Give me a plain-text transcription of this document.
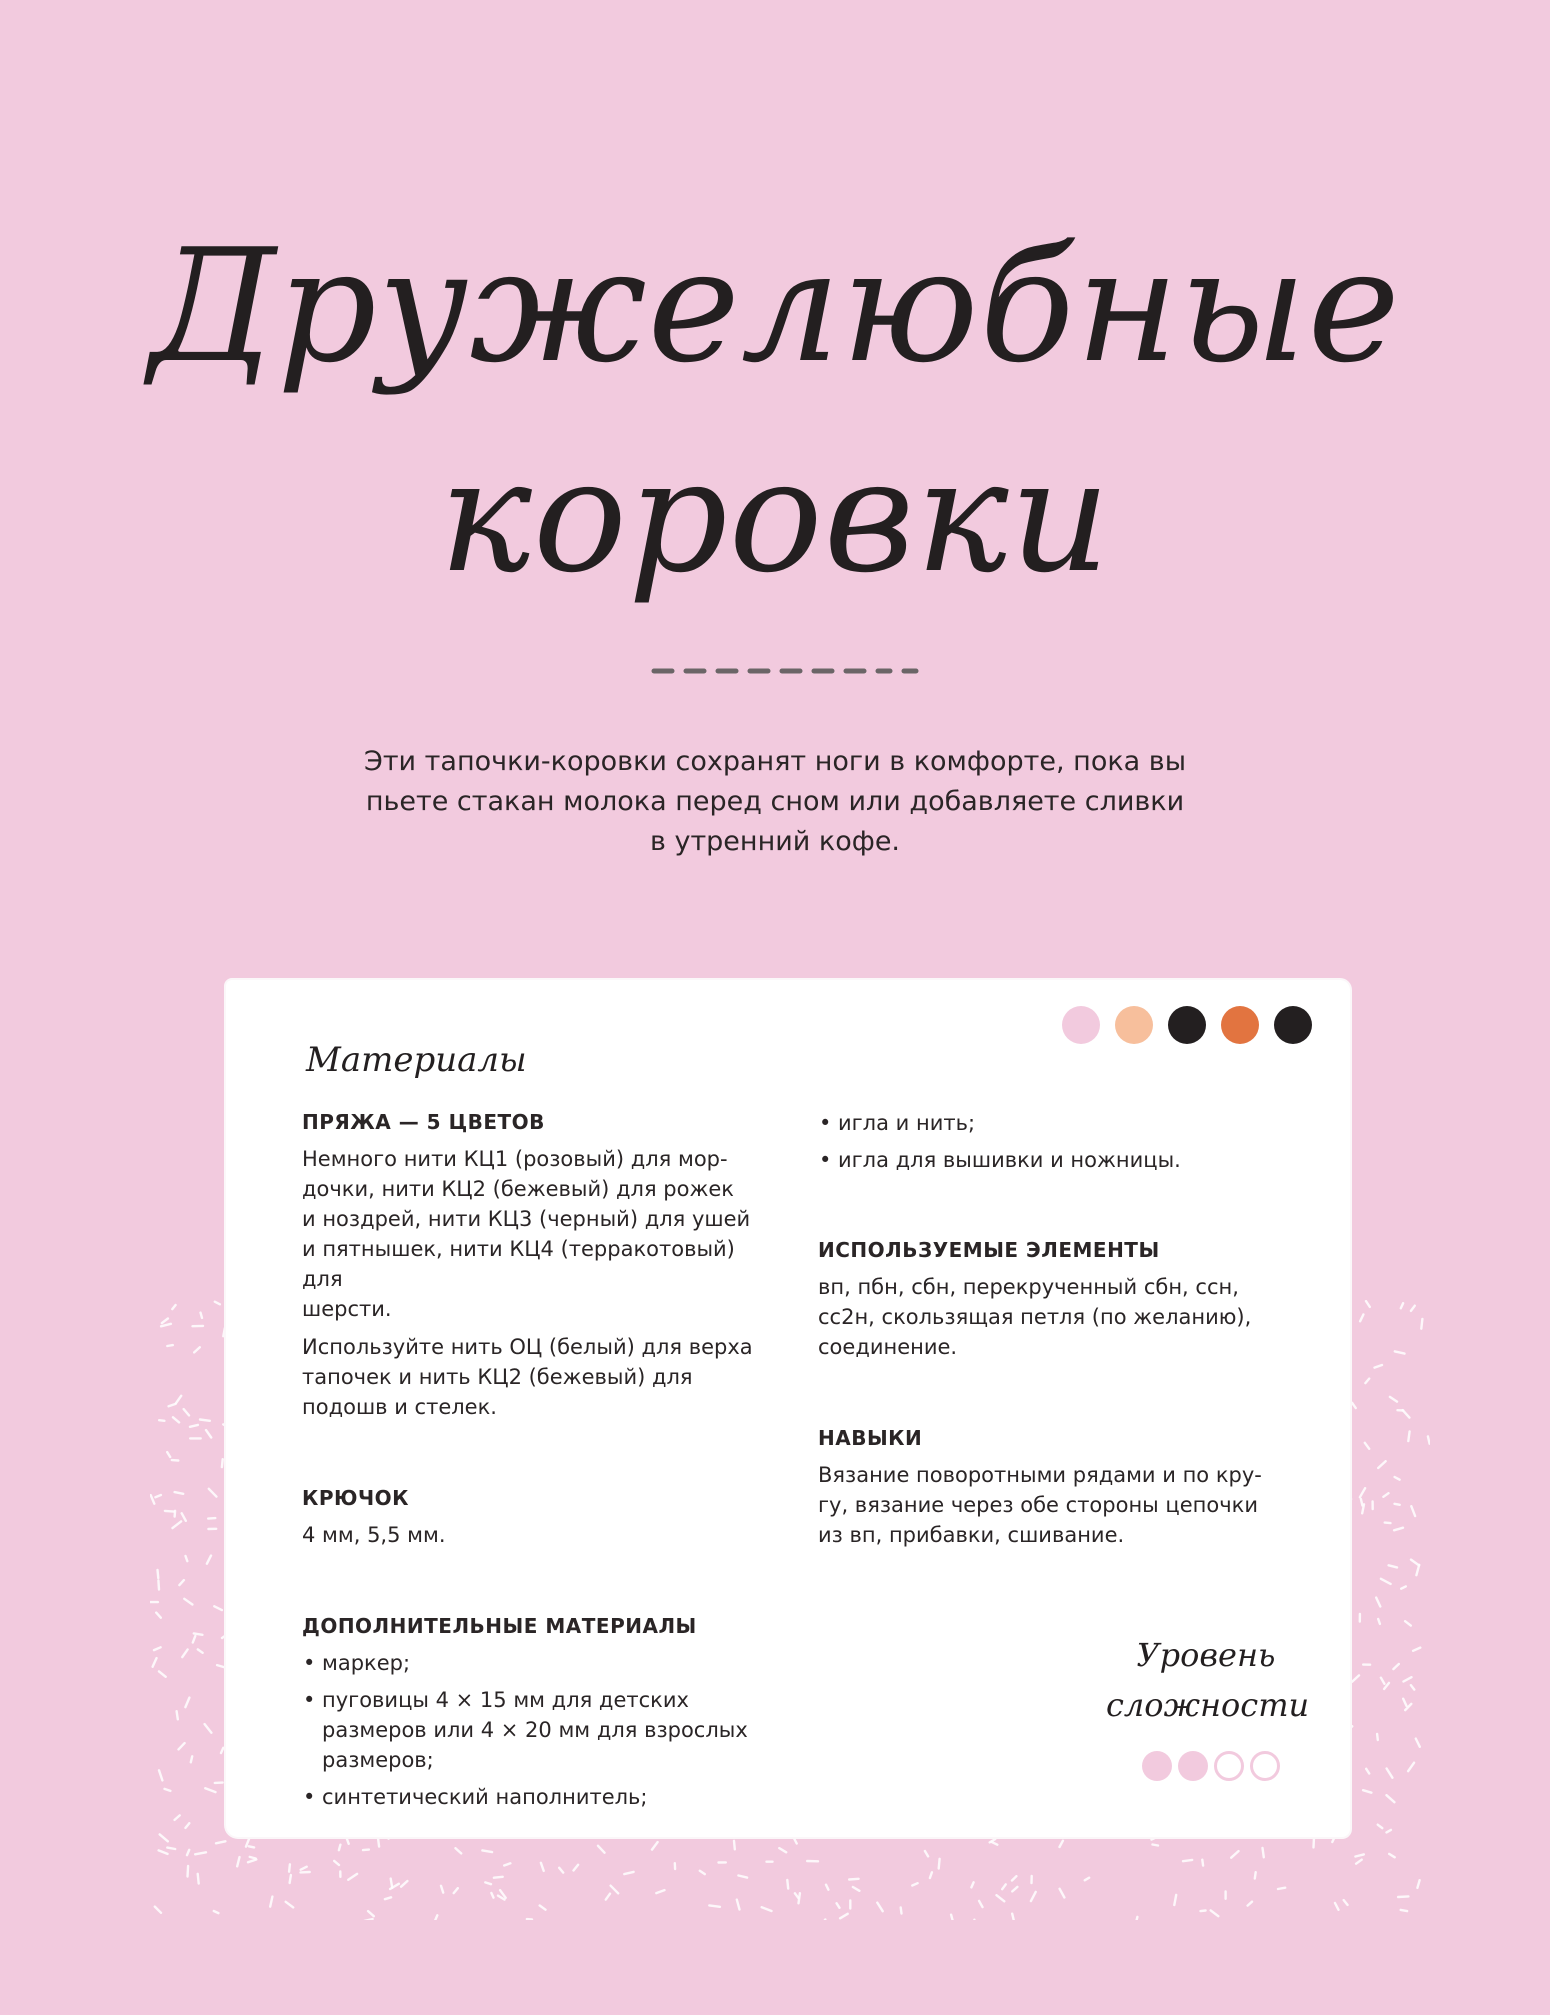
Дружелюбные
коровки
Эти тапочки-коровки сохранят ноги в комфорте, пока вы
пьете стакан молока перед сном или добавляете сливки
в утренний кофе.
Материалы
ПРЯЖА — 5 ЦВЕТОВ
Немного нити КЦ1 (розовый) для мор-
дочки, нити КЦ2 (бежевый) для рожек
и ноздрей, нити КЦ3 (черный) для ушей
и пятнышек, нити КЦ4 (терракотовый) для
шерсти.
Используйте нить ОЦ (белый) для верха
тапочек и нить КЦ2 (бежевый) для
подошв и стелек.
КРЮЧОК
4 мм, 5,5 мм.
ДОПОЛНИТЕЛЬНЫЕ МАТЕРИАЛЫ
• маркер;
• пуговицы 4 × 15 мм для детских
размеров или 4 × 20 мм для взрослых
размеров;
• синтетический наполнитель;
• игла и нить;
• игла для вышивки и ножницы.
ИСПОЛЬЗУЕМЫЕ ЭЛЕМЕНТЫ
вп, пбн, сбн, перекрученный сбн, ссн,
сс2н, скользящая петля (по желанию),
соединение.
НАВЫКИ
Вязание поворотными рядами и по кру-
гу, вязание через обе стороны цепочки
из вп, прибавки, сшивание.
Уровень
сложности
